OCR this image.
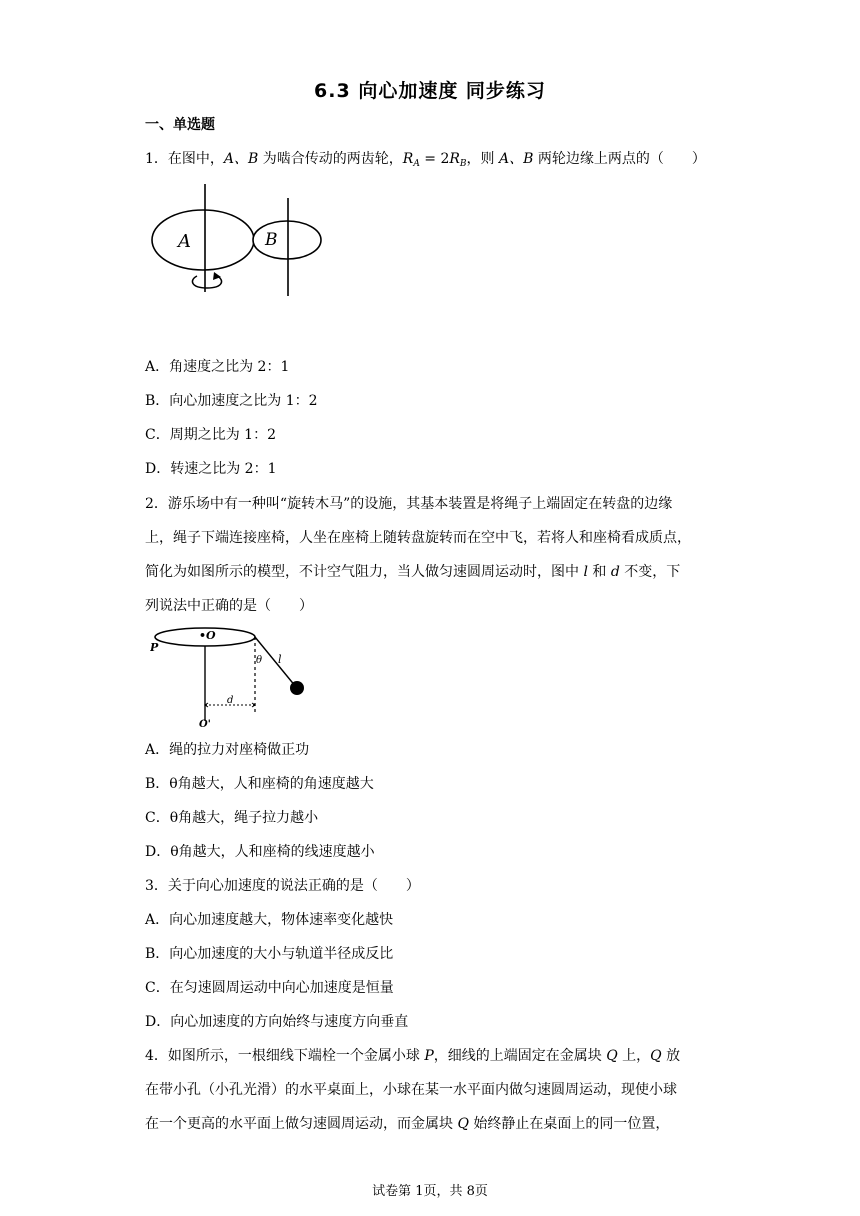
6.3 向心加速度 同步练习
一、单选题
1．在图中，A、B 为啮合传动的两齿轮，$R_A = 2R_B$，则 A、B 两轮边缘上两点的（　　）
A	B
A．角速度之比为 2：1
B．向心加速度之比为 1：2
C．周期之比为 1：2
D．转速之比为 2：1
2．游乐场中有一种叫“旋转木马”的设施，其基本装置是将绳子上端固定在转盘的边缘
上，绳子下端连接座椅，人坐在座椅上随转盘旋转而在空中飞，若将人和座椅看成质点，
简化为如图所示的模型，不计空气阻力，当人做匀速圆周运动时，图中 l 和 d 不变，下
列说法中正确的是（　　）
P
•O
O'
l
θ
d
A．绳的拉力对座椅做正功
B．θ角越大，人和座椅的角速度越大
C．θ角越大，绳子拉力越小
D．θ角越大，人和座椅的线速度越小
3．关于向心加速度的说法正确的是（　　）
A．向心加速度越大，物体速率变化越快
B．向心加速度的大小与轨道半径成反比
C．在匀速圆周运动中向心加速度是恒量
D．向心加速度的方向始终与速度方向垂直
4．如图所示，一根细线下端栓一个金属小球 P，细线的上端固定在金属块 Q 上，Q 放
在带小孔（小孔光滑）的水平桌面上，小球在某一水平面内做匀速圆周运动，现使小球
在一个更高的水平面上做匀速圆周运动，而金属块 Q 始终静止在桌面上的同一位置，
试卷第 1页，共 8页
